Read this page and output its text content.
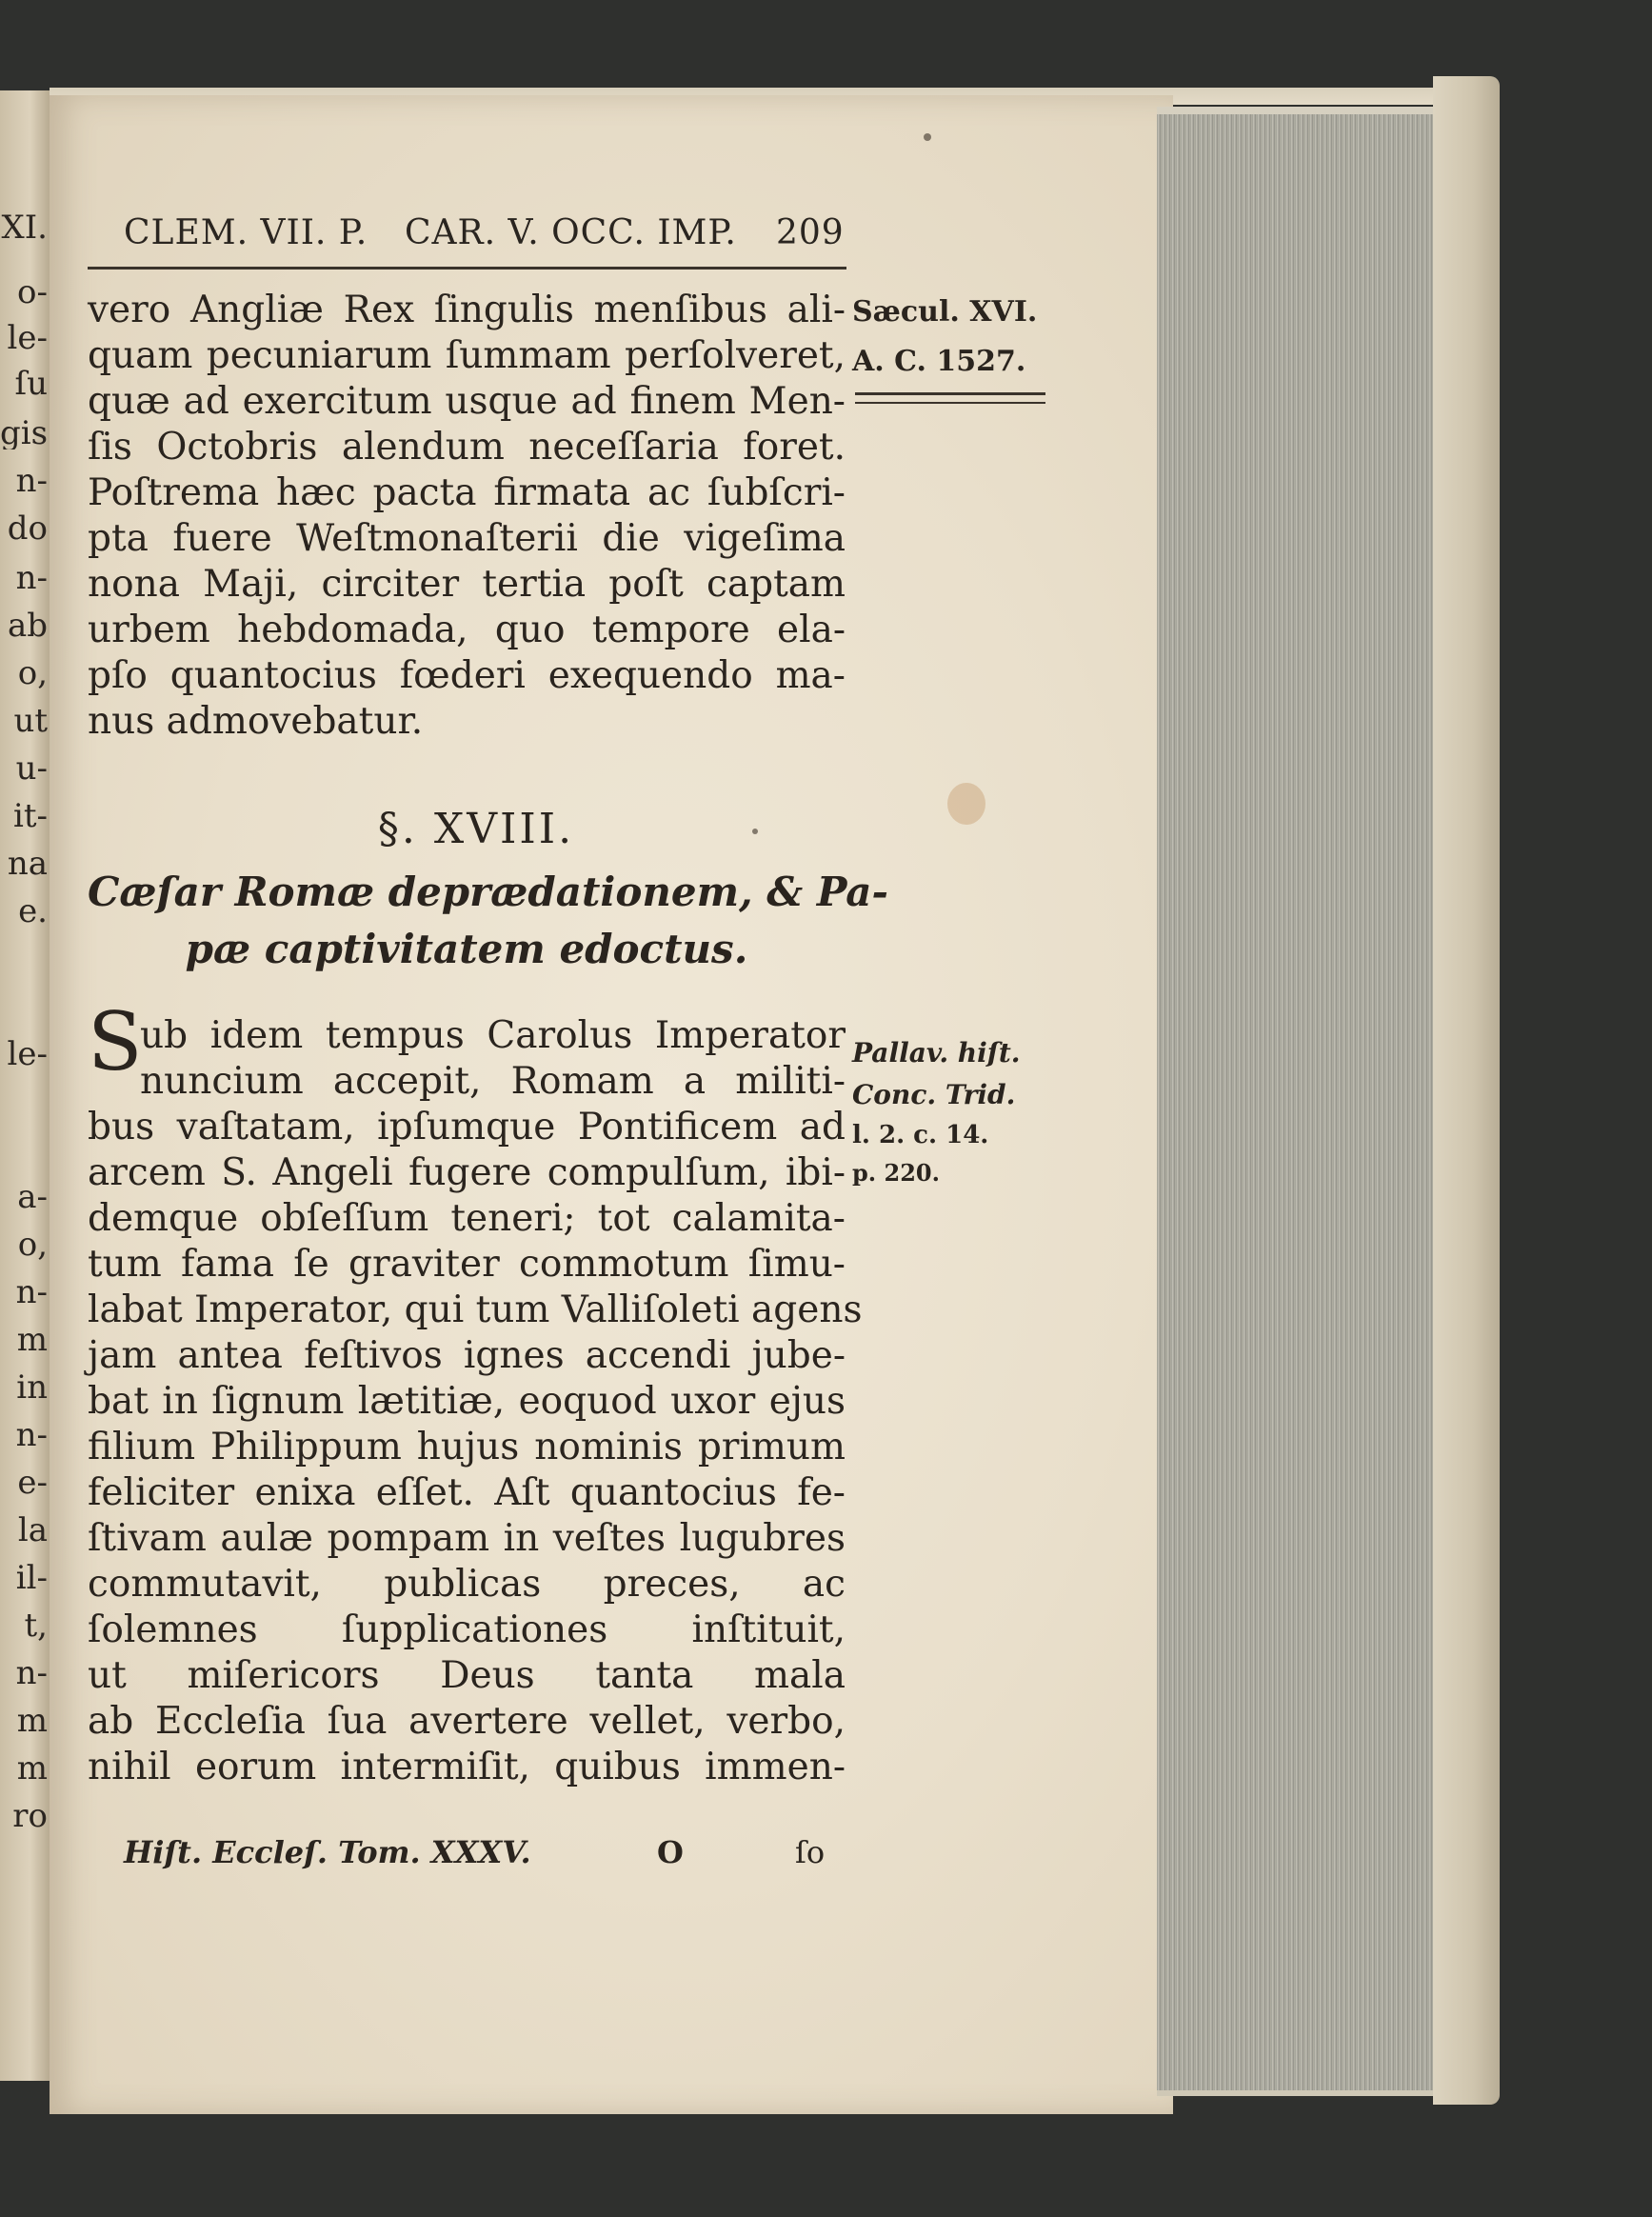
CLEM. VII. P. CAR. V. OCC. IMP. 209
vero Angliæ Rex ſingulis menſibus ali-
quam pecuniarum ſummam perſolveret,
quæ ad exercitum usque ad finem Men-
ſis Octobris alendum neceſſaria foret.
Poſtrema hæc pacta firmata ac ſubſcri-
pta fuere Weſtmonaſterii die vigeſima
nona Maji, circiter tertia poſt captam
urbem hebdomada, quo tempore ela-
pſo quantocius fœderi exequendo ma-
nus admovebatur.
Sæcul. XVI.
A. C. 1527.
§. XVIII.
Cæſar Romæ deprædationem, & Pa-
pæ captivitatem edoctus.
S
ub idem tempus Carolus Imperator
nuncium accepit, Romam a militi-
bus vaſtatam, ipſumque Pontificem ad
arcem S. Angeli fugere compulſum, ibi-
demque obſeſſum teneri; tot calamita-
tum fama ſe graviter commotum ſimu-
labat Imperator, qui tum Valliſoleti agens
jam antea feſtivos ignes accendi jube-
bat in ſignum lætitiæ, eoquod uxor ejus
filium Philippum hujus nominis primum
feliciter enixa eſſet. Aſt quantocius fe-
ſtivam aulæ pompam in veſtes lugubres
commutavit, publicas preces, ac
ſolemnes ſupplicationes inſtituit,
ut miſericors Deus tanta mala
ab Eccleſia ſua avertere vellet, verbo,
nihil eorum intermiſit, quibus immen-
Pallav. hiſt.
Conc. Trid.
l. 2. c. 14.
p. 220.
Hiſt. Eccleſ. Tom. XXXV.	O	ſo
XI.
o-
le-
ſu
gis
n-
do
n-
ab
o,
ut
u-
it-
na
e.
le-
a-
o,
n-
m
in
n-
e-
la
il-
t,
n-
m
m
ro
